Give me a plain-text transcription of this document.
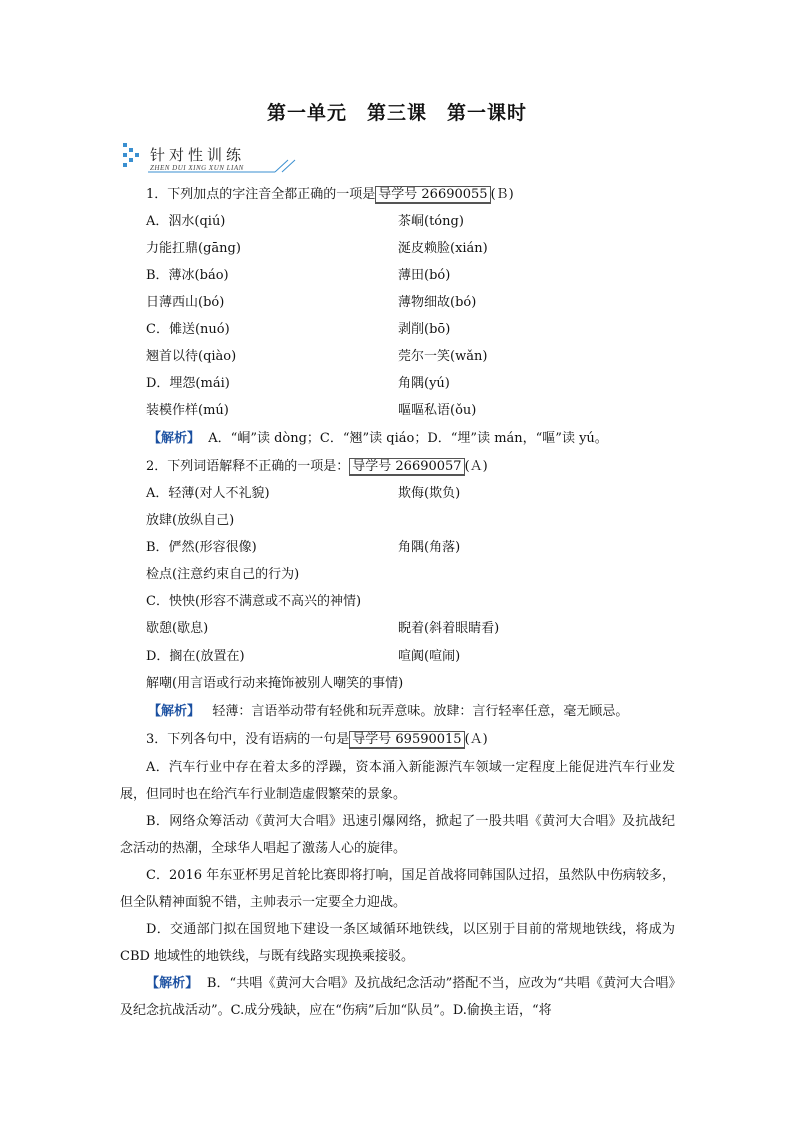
第一单元　第三课　第一课时
针对性训练
ZHEN DUI XING XUN LIAN
1．下列加点的字注音全都正确的一项是 导学号 26690055 (Ｂ)
A．泅水(qiú)	茶峒(tóng)
力能扛鼎(gāng)	涎皮赖脸(xián)
B．薄冰(báo)	薄田(bó)
日薄西山(bó)	薄物细故(bó)
C．傩送(nuó)	剥削(bō)
翘首以待(qiào)	莞尔一笑(wǎn)
D．埋怨(mái)	角隅(yú)
装模作样(mú)	嘔嘔私语(ǒu)
【解析】 A．“峒”读 dòng；C．“翘”读 qiáo；D．“埋”读 mán，“嘔”读 yú。
2．下列词语解释不正确的一项是： 导学号 26690057 (Ａ)
A．轻薄(对人不礼貌)	欺侮(欺负)
放肆(放纵自己)
B．俨然(形容很像)	角隅(角落)
检点(注意约束自己的行为)
C．怏怏(形容不满意或不高兴的神情)
歇憩(歇息)	睨着(斜着眼睛看)
D．搁在(放置在)	喧阗(喧闹)
解嘲(用言语或行动来掩饰被别人嘲笑的事情)
【解析】 轻薄：言语举动带有轻佻和玩弄意味。放肆：言行轻率任意，毫无顾忌。
3．下列各句中，没有语病的一句是 导学号 69590015 (Ａ)
A．汽车行业中存在着太多的浮躁，资本涌入新能源汽车领域一定程度上能促进汽车行业发展，但同时也在给汽车行业制造虚假繁荣的景象。
B．网络众筹活动《黄河大合唱》迅速引爆网络，掀起了一股共唱《黄河大合唱》及抗战纪念活动的热潮，全球华人唱起了激荡人心的旋律。
C．2016 年东亚杯男足首轮比赛即将打响，国足首战将同韩国队过招，虽然队中伤病较多，但全队精神面貌不错，主帅表示一定要全力迎战。
D．交通部门拟在国贸地下建设一条区域循环地铁线，以区别于目前的常规地铁线，将成为 CBD 地域性的地铁线，与既有线路实现换乘接驳。
【解析】 B．“共唱《黄河大合唱》及抗战纪念活动”搭配不当，应改为“共唱《黄河大合唱》及纪念抗战活动”。C.成分残缺，应在“伤病”后加“队员”。D.偷换主语，“将
